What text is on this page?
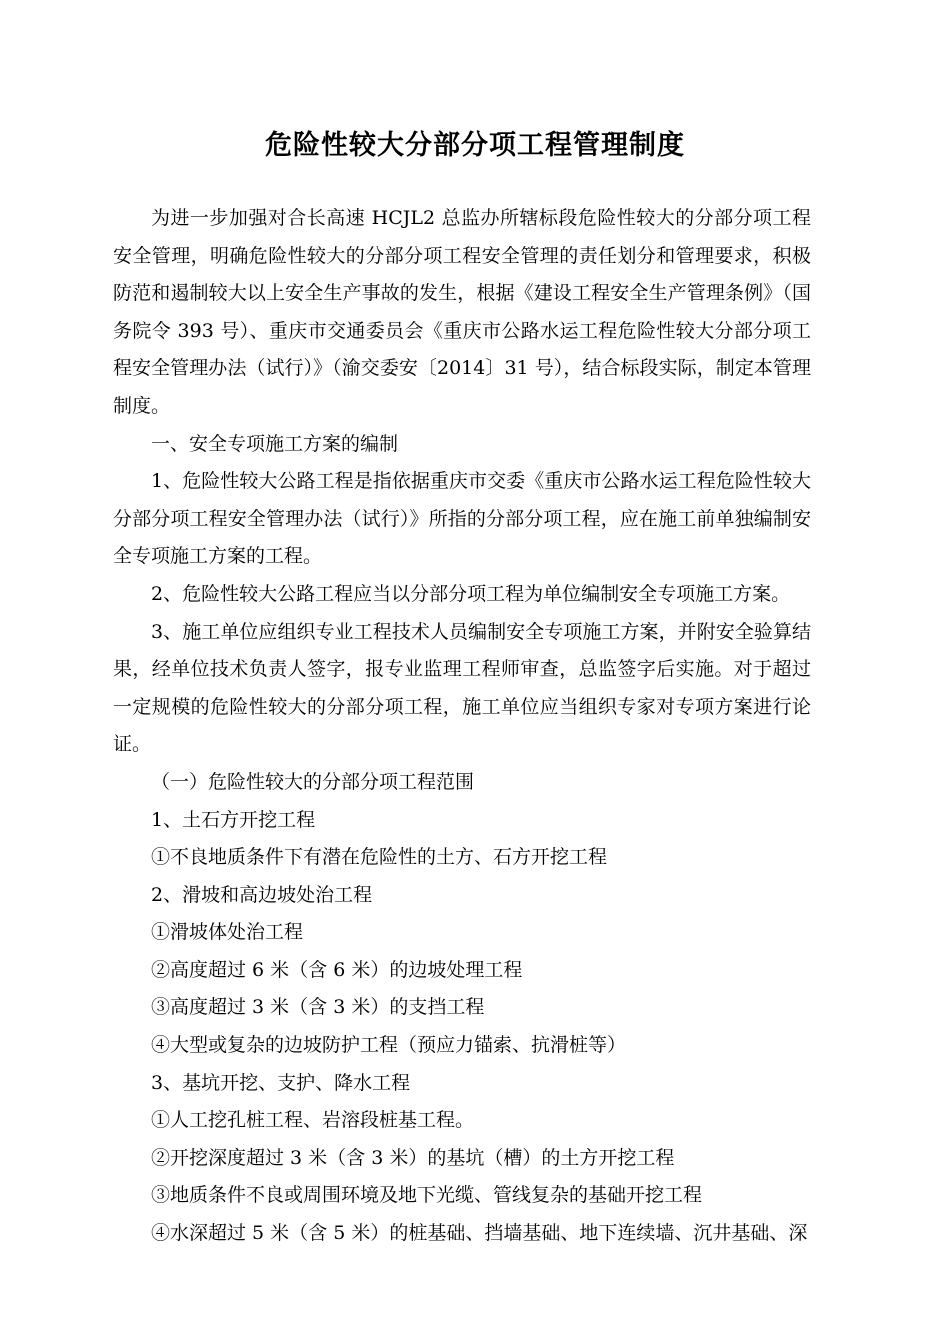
危险性较大分部分项工程管理制度

为进一步加强对合长高速 HCJL2 总监办所辖标段危险性较大的分部分项工程安全管理，明确危险性较大的分部分项工程安全管理的责任划分和管理要求，积极防范和遏制较大以上安全生产事故的发生，根据《建设工程安全生产管理条例》（国务院令 393 号）、重庆市交通委员会《重庆市公路水运工程危险性较大分部分项工程安全管理办法（试行）》（渝交委安〔2014〕31 号），结合标段实际，制定本管理制度。

一、安全专项施工方案的编制

1、危险性较大公路工程是指依据重庆市交委《重庆市公路水运工程危险性较大分部分项工程安全管理办法（试行）》所指的分部分项工程，应在施工前单独编制安全专项施工方案的工程。

2、危险性较大公路工程应当以分部分项工程为单位编制安全专项施工方案。

3、施工单位应组织专业工程技术人员编制安全专项施工方案，并附安全验算结果，经单位技术负责人签字，报专业监理工程师审查，总监签字后实施。对于超过一定规模的危险性较大的分部分项工程，施工单位应当组织专家对专项方案进行论证。

（一）危险性较大的分部分项工程范围

1、土石方开挖工程

①不良地质条件下有潜在危险性的土方、石方开挖工程

2、滑坡和高边坡处治工程

①滑坡体处治工程

②高度超过 6 米（含 6 米）的边坡处理工程

③高度超过 3 米（含 3 米）的支挡工程

④大型或复杂的边坡防护工程（预应力锚索、抗滑桩等）

3、基坑开挖、支护、降水工程

①人工挖孔桩工程、岩溶段桩基工程。

②开挖深度超过 3 米（含 3 米）的基坑（槽）的土方开挖工程

③地质条件不良或周围环境及地下光缆、管线复杂的基础开挖工程

④水深超过 5 米（含 5 米）的桩基础、挡墙基础、地下连续墙、沉井基础、深
